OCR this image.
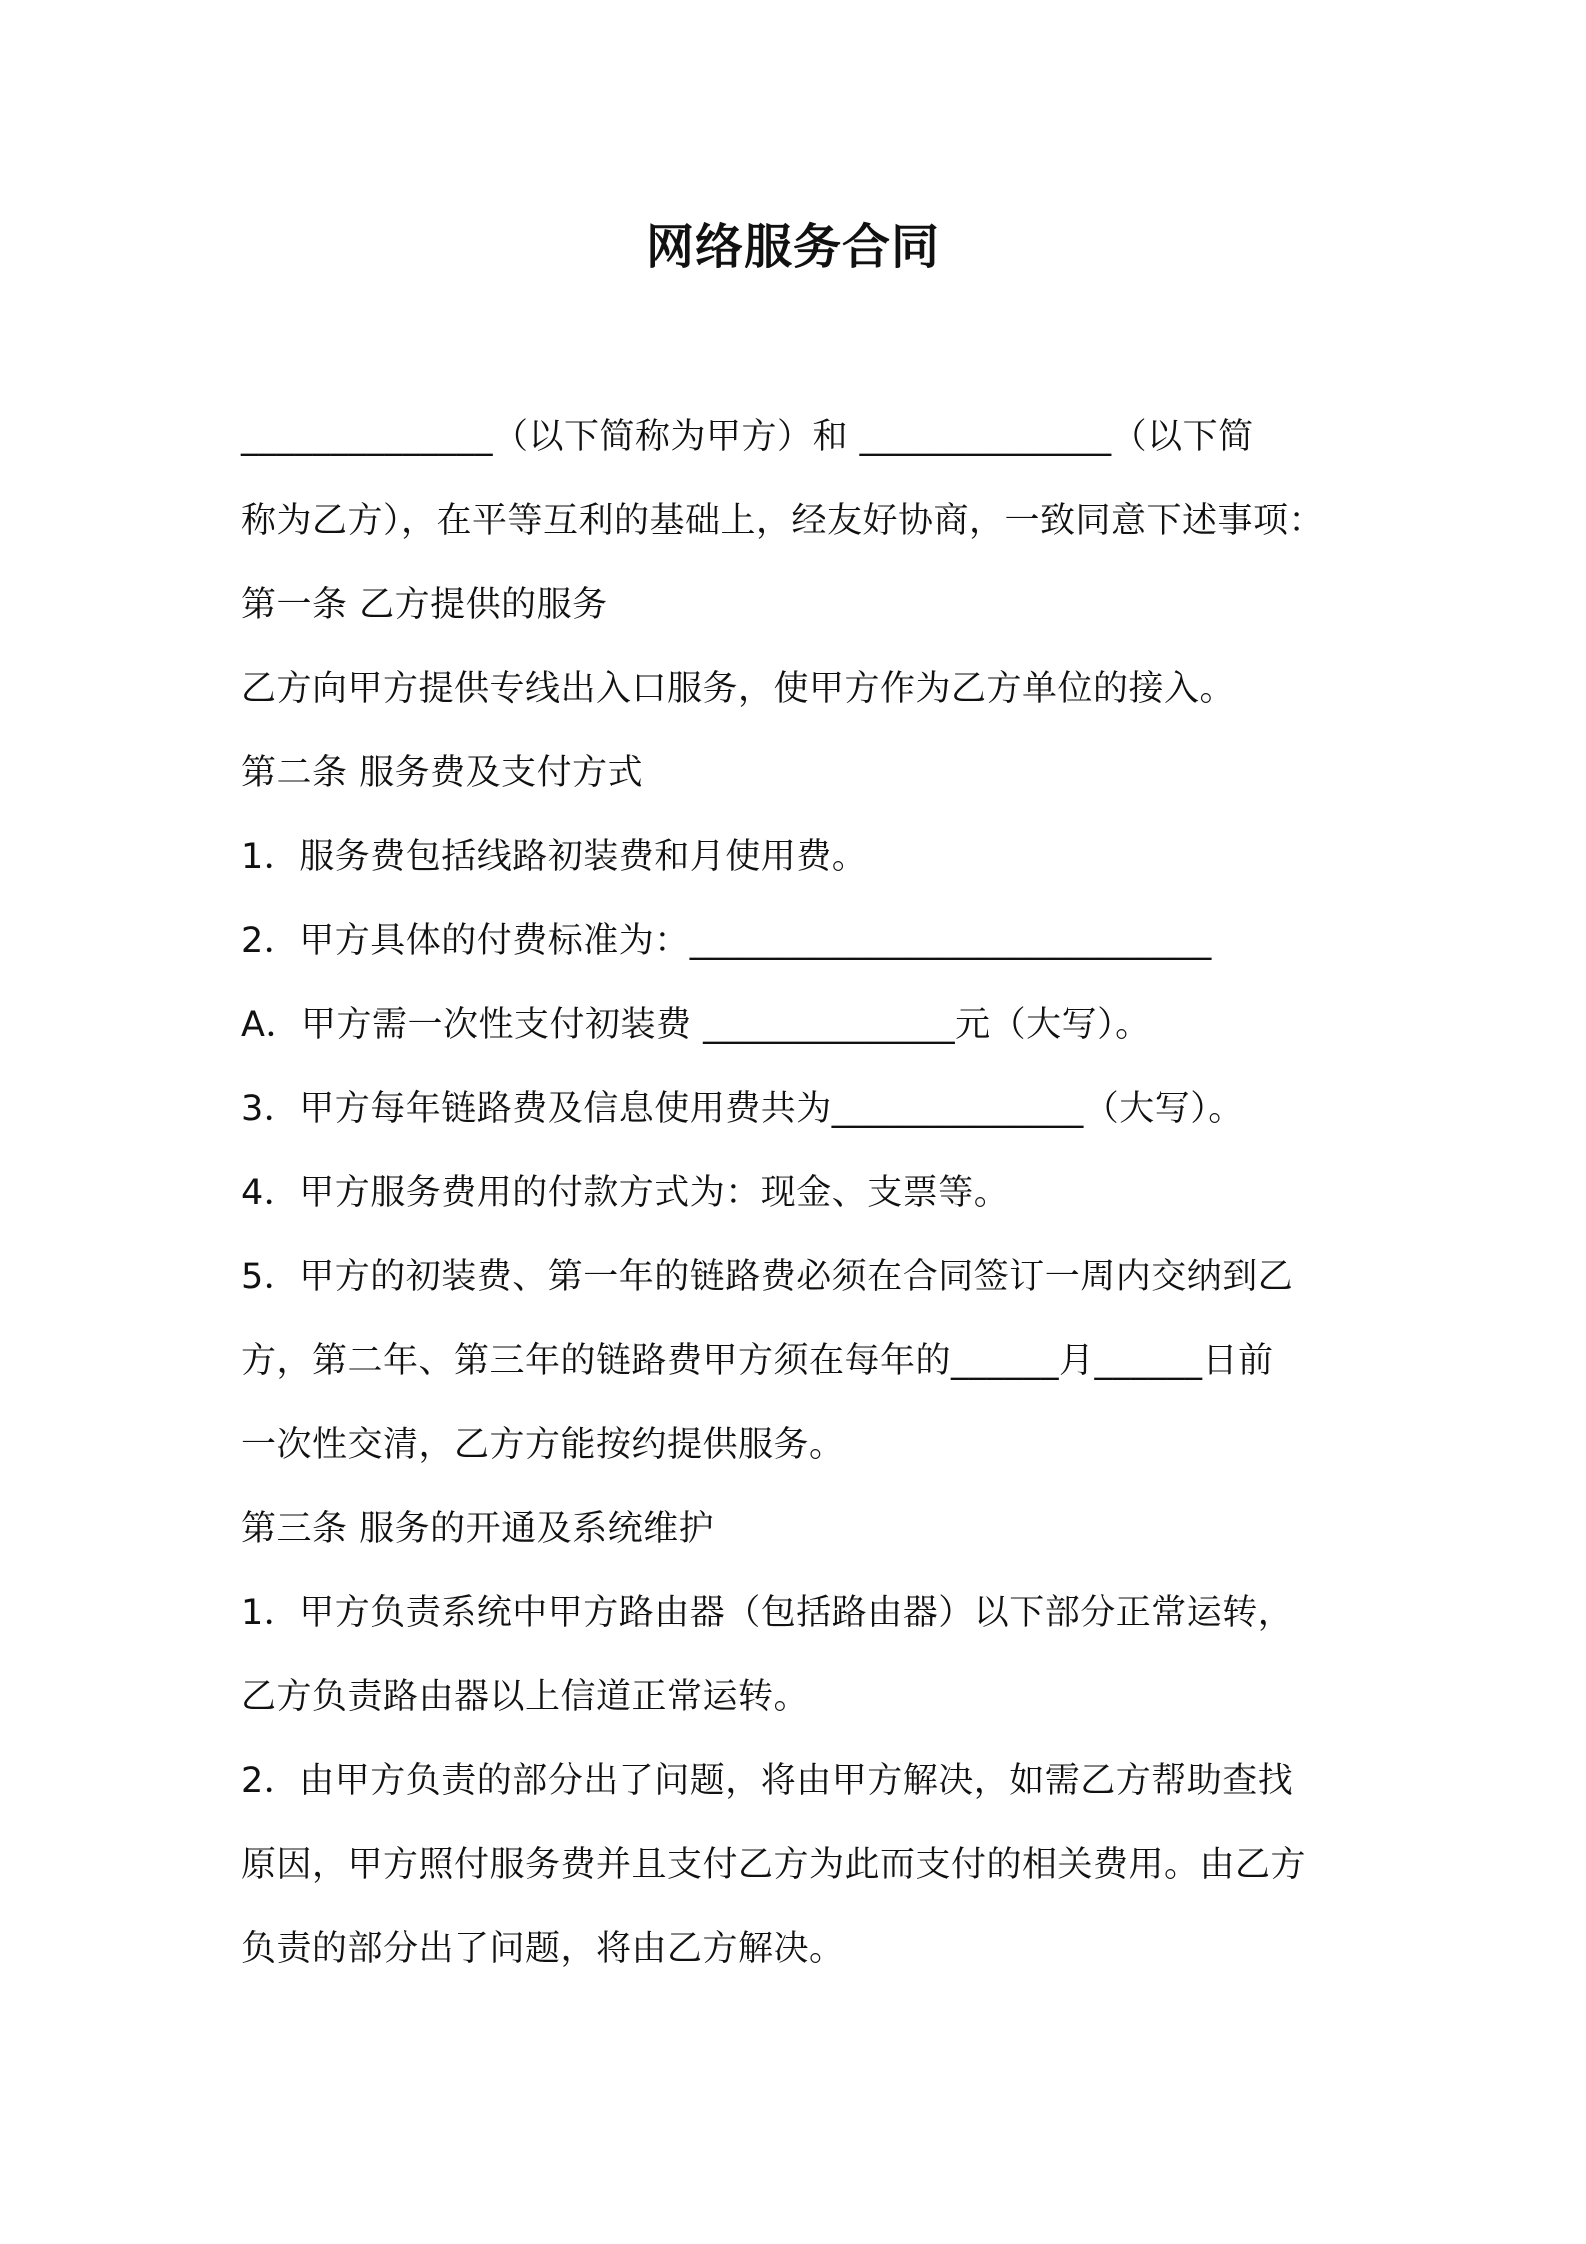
网络服务合同
______________（以下简称为甲方）和 ______________（以下简
称为乙方），在平等互利的基础上，经友好协商，一致同意下述事项：
第一条 乙方提供的服务
乙方向甲方提供专线出入口服务，使甲方作为乙方单位的接入。
第二条 服务费及支付方式
1．服务费包括线路初装费和月使用费。
2．甲方具体的付费标准为：_____________________________
A．甲方需一次性支付初装费 ______________元（大写）。
3．甲方每年链路费及信息使用费共为______________（大写）。
4．甲方服务费用的付款方式为：现金、支票等。
5．甲方的初装费、第一年的链路费必须在合同签订一周内交纳到乙
方，第二年、第三年的链路费甲方须在每年的______月______日前
一次性交清，乙方方能按约提供服务。
第三条 服务的开通及系统维护
1．甲方负责系统中甲方路由器（包括路由器）以下部分正常运转，
乙方负责路由器以上信道正常运转。
2．由甲方负责的部分出了问题，将由甲方解决，如需乙方帮助查找
原因，甲方照付服务费并且支付乙方为此而支付的相关费用。由乙方
负责的部分出了问题，将由乙方解决。
